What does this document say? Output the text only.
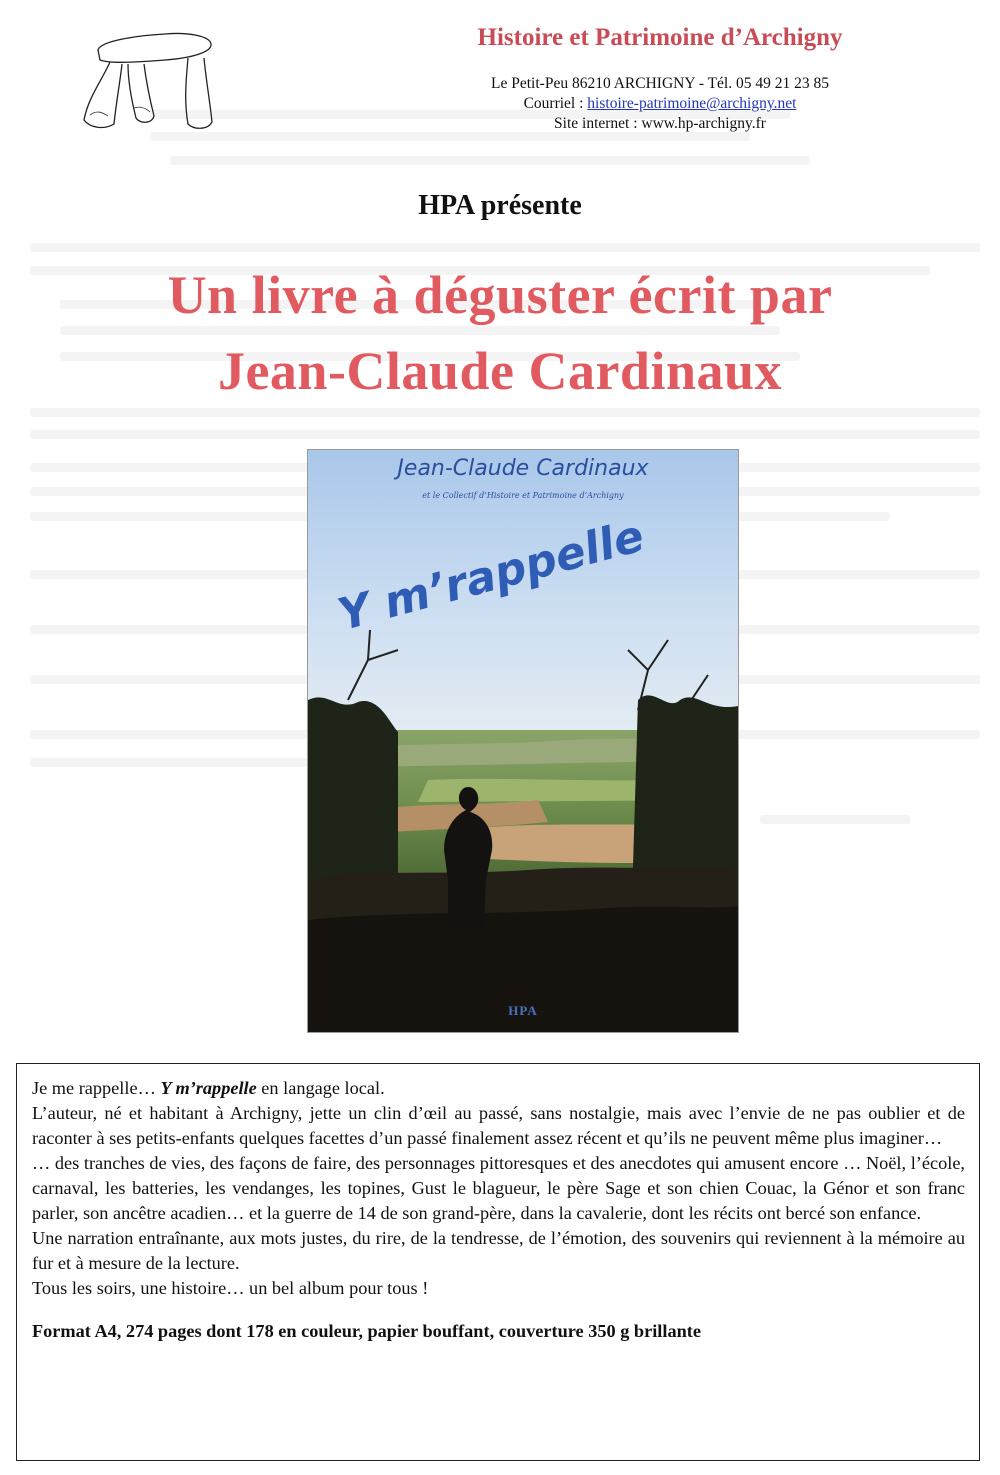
Histoire et Patrimoine d’Archigny
Le Petit-Peu 86210 ARCHIGNY - Tél. 05 49 21 23 85
Courriel : histoire-patrimoine@archigny.net
Site internet : www.hp-archigny.fr
HPA présente
Un livre à déguster écrit par
Jean-Claude Cardinaux
Jean-Claude Cardinaux
et le Collectif d’Histoire et Patrimoine d’Archigny
Y m’rappelle
HPA

Je me rappelle… Y m’rappelle en langage local.

L’auteur, né et habitant à Archigny, jette un clin d’œil au passé, sans nostalgie, mais avec l’envie de ne pas oublier et de raconter à ses petits-enfants quelques facettes d’un passé finalement assez récent et qu’ils ne peuvent même plus imaginer…

… des tranches de vies, des façons de faire, des personnages pittoresques et des anecdotes qui amusent encore … Noël, l’école, carnaval, les batteries, les vendanges, les topines, Gust le blagueur, le père Sage et son chien Couac, la Génor et son franc parler, son ancêtre acadien… et la guerre de 14 de son grand-père, dans la cavalerie, dont les récits ont bercé son enfance.

Une narration entraînante, aux mots justes, du rire, de la tendresse, de l’émotion, des souvenirs qui reviennent à la mémoire au fur et à mesure de la lecture.

Tous les soirs, une histoire… un bel album pour tous !

Format A4, 274 pages dont 178 en couleur, papier bouffant, couverture 350 g brillante
